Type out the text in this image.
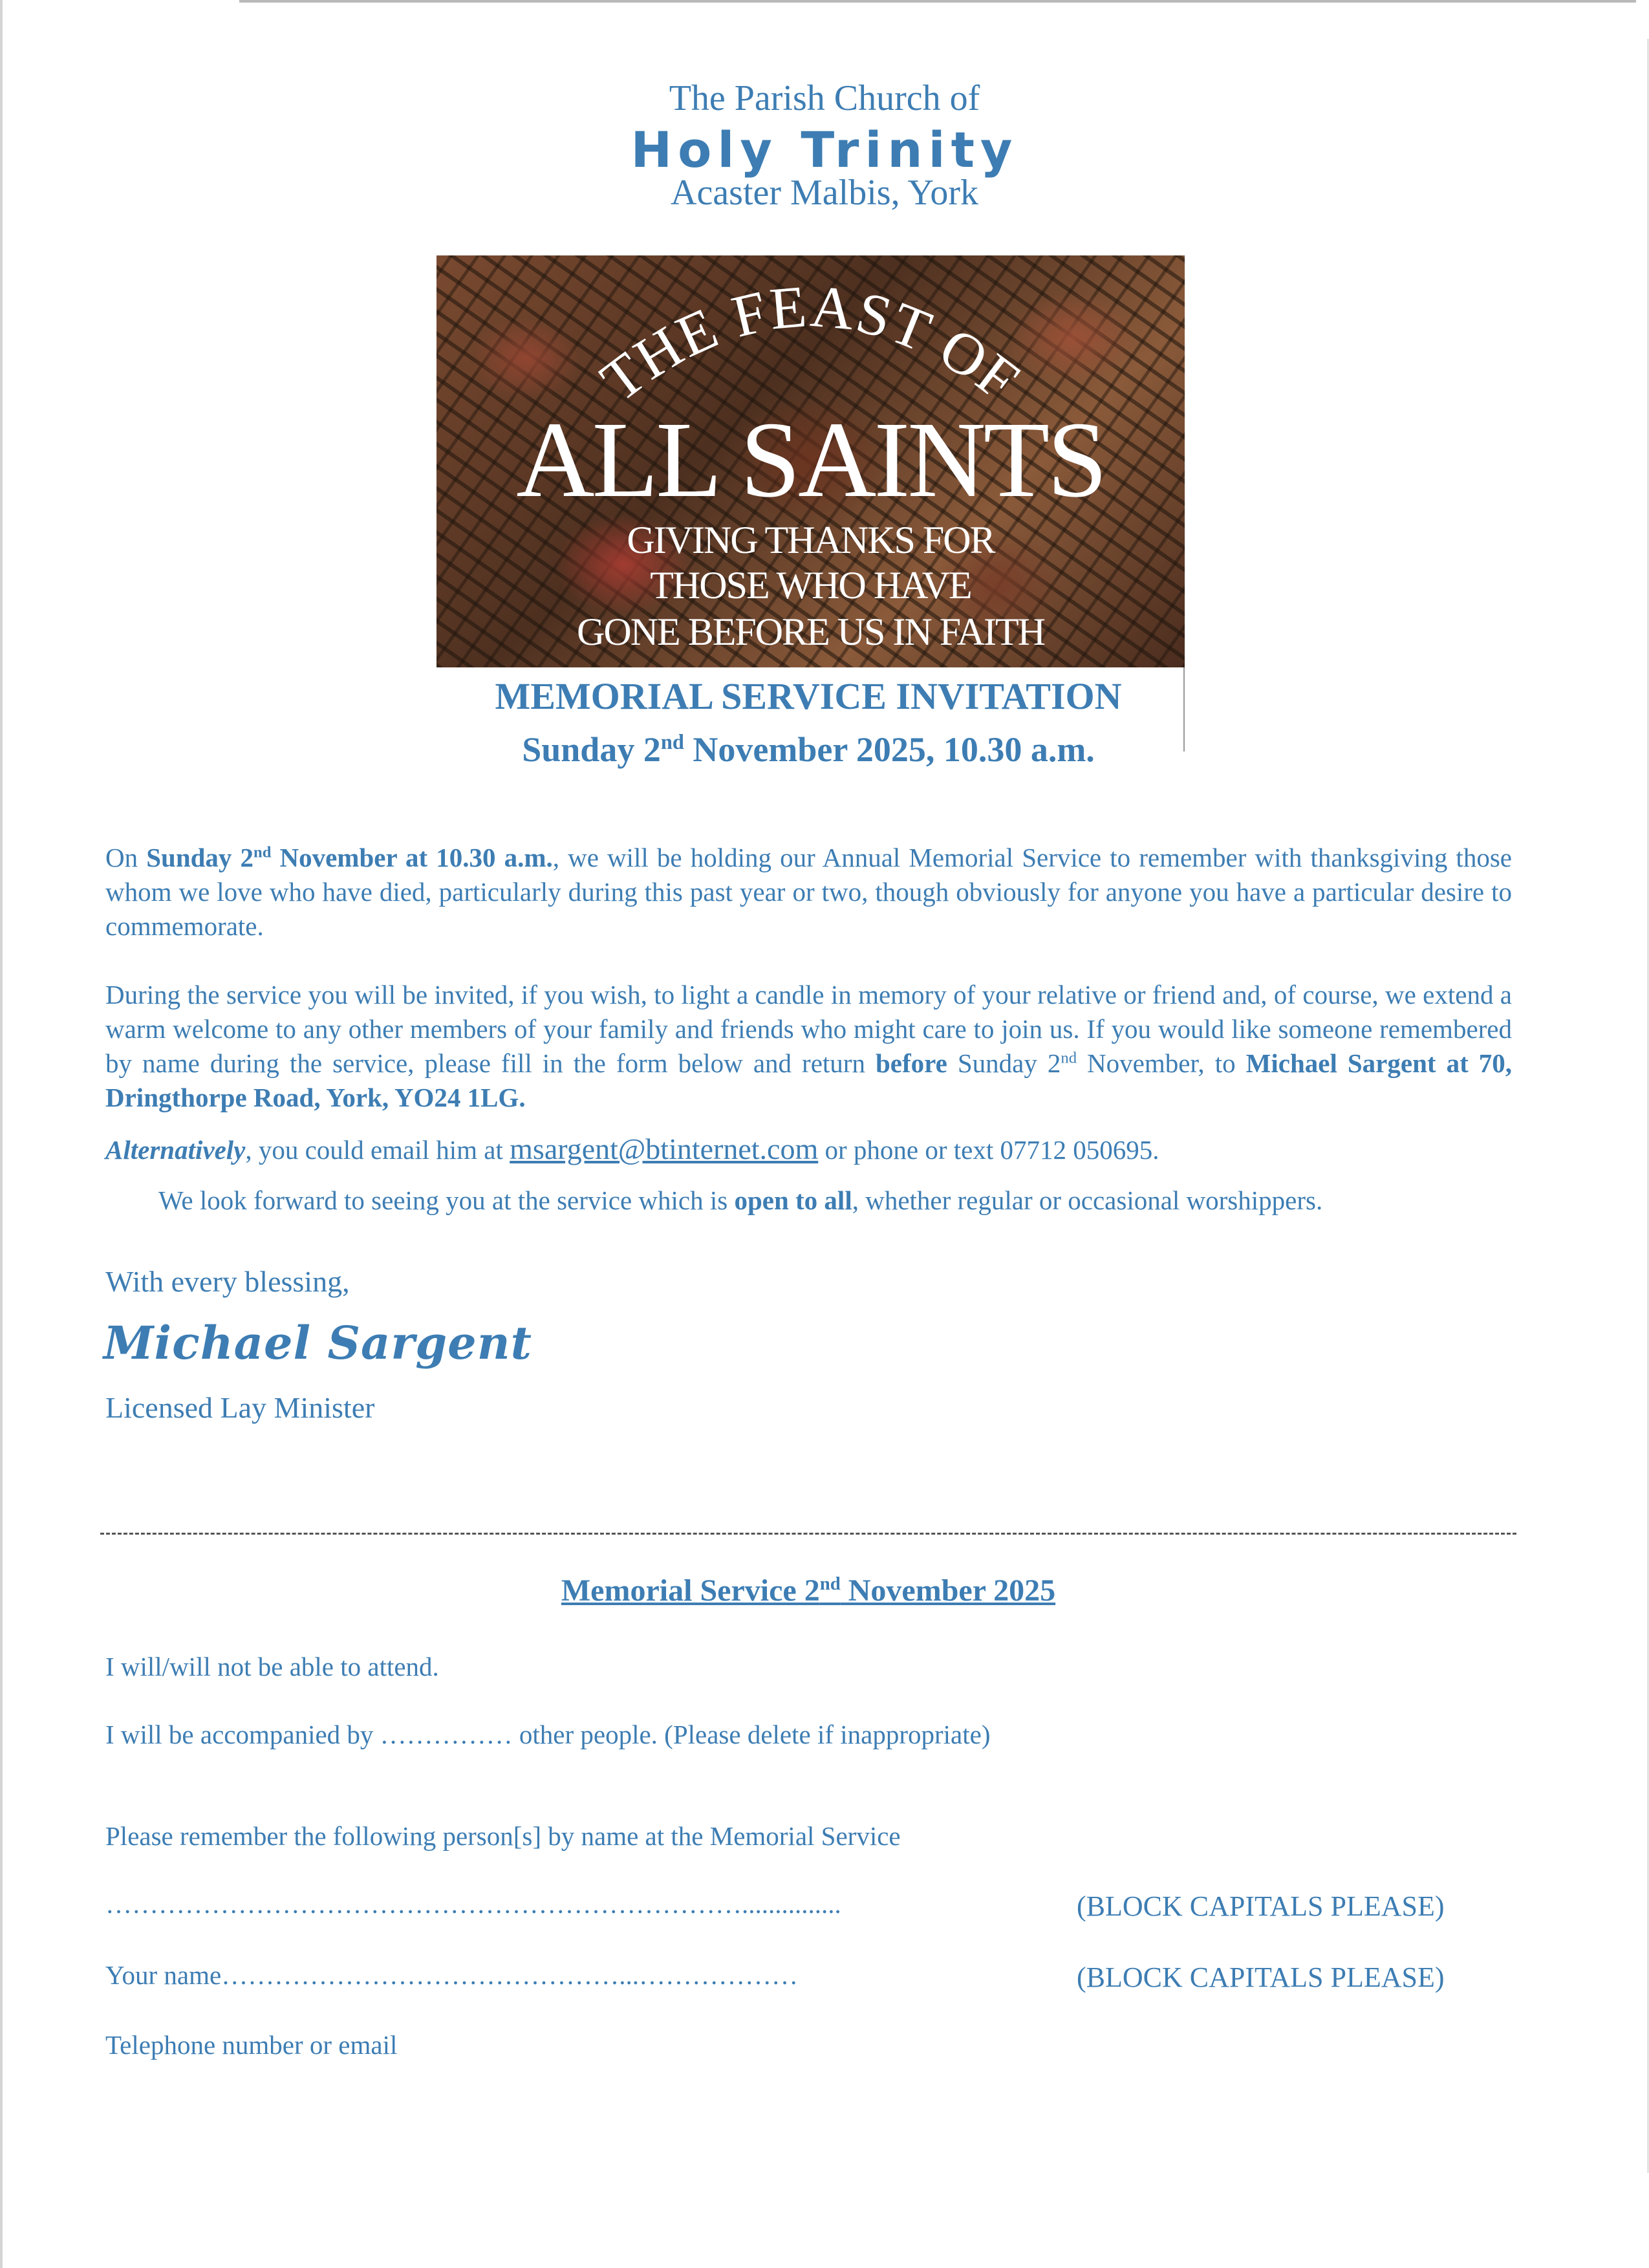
The Parish Church of
Holy Trinity
Acaster Malbis, York
THE FEAST OF
ALL SAINTS
GIVING THANKS FOR
THOSE WHO HAVE
GONE BEFORE US IN FAITH
MEMORIAL SERVICE INVITATION
Sunday 2nd November 2025, 10.30 a.m.
On Sunday 2nd November at 10.30 a.m., we will be holding our Annual Memorial Service to remember with thanksgiving those whom we love who have died, particularly during this past year or two, though obviously for anyone you have a particular desire to commemorate.
During the service you will be invited, if you wish, to light a candle in memory of your relative or friend and, of course, we extend a warm welcome to any other members of your family and friends who might care to join us. If you would like someone remembered by name during the service, please fill in the form below and return before Sunday 2nd November, to Michael Sargent at 70, Dringthorpe Road, York, YO24 1LG.
Alternatively, you could email him at msargent@btinternet.com or phone or text 07712 050695.
We look forward to seeing you at the service which is open to all, whether regular or occasional worshippers.
With every blessing,
Michael Sargent
Licensed Lay Minister
Memorial Service 2nd November 2025
I will/will not be able to attend.
I will be accompanied by …………… other people. (Please delete if inappropriate)
Please remember the following person[s] by name at the Memorial Service
………………………………………………………………...............	(BLOCK CAPITALS PLEASE)
Your name………………………………………...………………	(BLOCK CAPITALS PLEASE)
Telephone number or email
